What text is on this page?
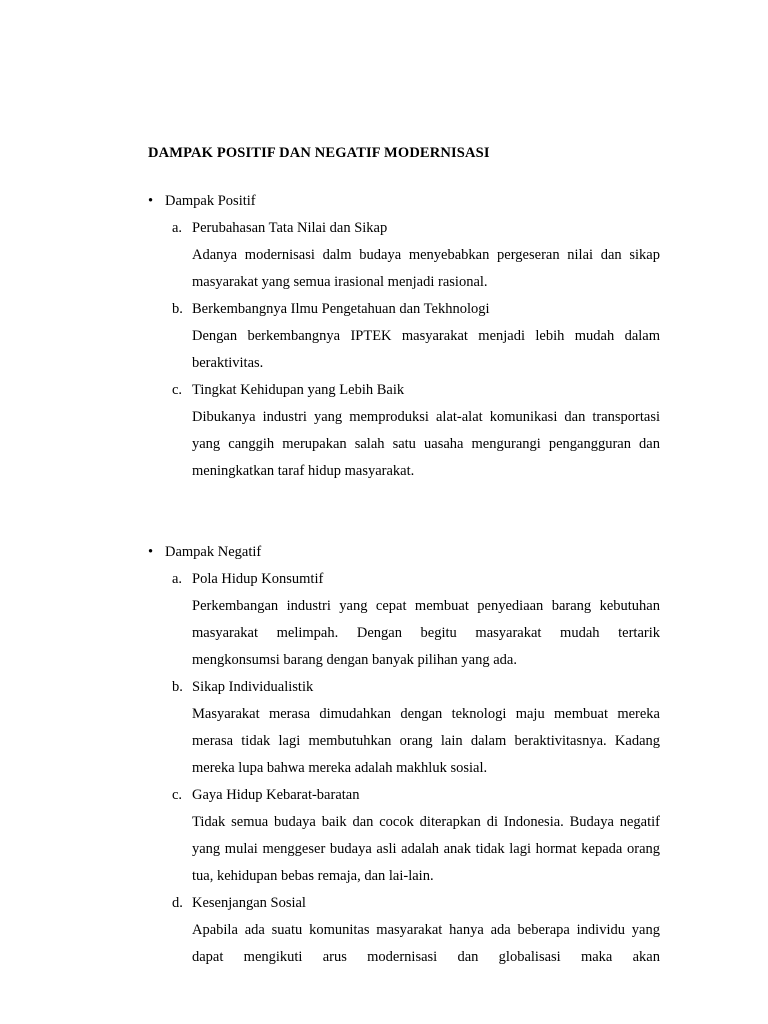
DAMPAK POSITIF DAN NEGATIF MODERNISASI
• Dampak Positif
a. Perubahasan Tata Nilai dan Sikap

Adanya modernisasi dalm budaya menyebabkan pergeseran nilai dan sikap masyarakat yang semua irasional menjadi rasional.

b. Berkembangnya Ilmu Pengetahuan dan Tekhnologi

Dengan berkembangnya IPTEK masyarakat menjadi lebih mudah dalam beraktivitas.

c. Tingkat Kehidupan yang Lebih Baik

Dibukanya industri yang memproduksi alat-alat komunikasi dan transportasi yang canggih merupakan salah satu uasaha mengurangi pengangguran dan meningkatkan taraf hidup masyarakat.

• Dampak Negatif
a. Pola Hidup Konsumtif

Perkembangan industri yang cepat membuat penyediaan barang kebutuhan masyarakat melimpah. Dengan begitu masyarakat mudah tertarik mengkonsumsi barang dengan banyak pilihan yang ada.

b. Sikap Individualistik

Masyarakat merasa dimudahkan dengan teknologi maju membuat mereka merasa tidak lagi membutuhkan orang lain dalam beraktivitasnya. Kadang mereka lupa bahwa mereka adalah makhluk sosial.

c. Gaya Hidup Kebarat-baratan

Tidak semua budaya baik dan cocok diterapkan di Indonesia. Budaya negatif yang mulai menggeser budaya asli adalah anak tidak lagi hormat kepada orang tua, kehidupan bebas remaja, dan lai-lain.

d. Kesenjangan Sosial

Apabila ada suatu komunitas masyarakat hanya ada beberapa individu yang dapat mengikuti arus modernisasi dan globalisasi maka akan
